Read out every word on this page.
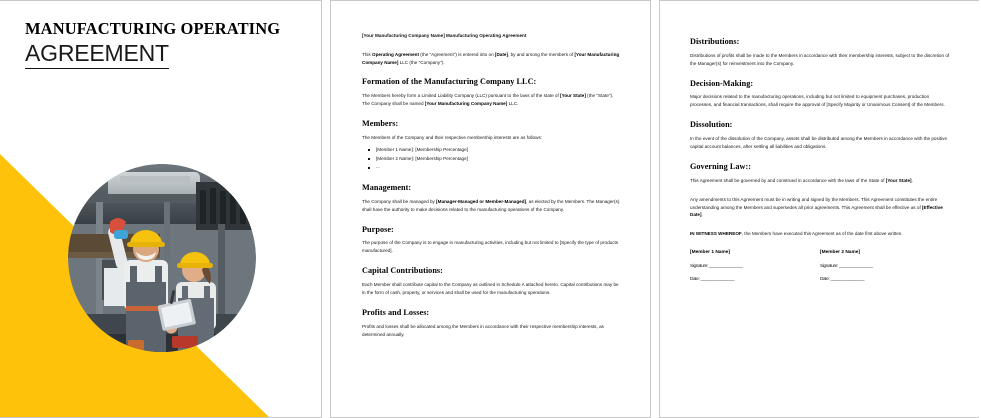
MANUFACTURING OPERATING
AGREEMENT
[Your Manufacturing Company Name] Manufacturing Operating Agreement

This Operating Agreement (the "Agreement") is entered into on [Date], by and among the members of [Your Manufacturing Company Name] LLC (the "Company").

Formation of the Manufacturing Company LLC:

The Members hereby form a Limited Liability Company (LLC) pursuant to the laws of the state of [Your State] (the "State"). The Company shall be named [Your Manufacturing Company Name] LLC.

Members:

The Members of the Company and their respective membership interests are as follows:

[Member 1 Name]: [Membership Percentage]
[Member 2 Name]: [Membership Percentage]
...
Management:

The Company shall be managed by [Manager-Managed or Member-Managed], as elected by the Members. The Manager(s) shall have the authority to make decisions related to the manufacturing operations of the Company.

Purpose:

The purpose of the Company is to engage in manufacturing activities, including but not limited to [Specify the type of products manufactured].

Capital Contributions:

Each Member shall contribute capital to the Company as outlined in Schedule A attached hereto. Capital contributions may be in the form of cash, property, or services and shall be used for the manufacturing operations.

Profits and Losses:

Profits and losses shall be allocated among the Members in accordance with their respective membership interests, as determined annually.

Distributions:

Distributions of profits shall be made to the Members in accordance with their membership interests, subject to the discretion of the Manager(s) for reinvestment into the Company.

Decision-Making:

Major decisions related to the manufacturing operations, including but not limited to equipment purchases, production processes, and financial transactions, shall require the approval of [Specify Majority or Unanimous Consent] of the Members.

Dissolution:

In the event of the dissolution of the Company, assets shall be distributed among the Members in accordance with the positive capital account balances, after settling all liabilities and obligations.

Governing Law::

This Agreement shall be governed by and construed in accordance with the laws of the State of [Your State].

Any amendments to this Agreement must be in writing and signed by the Members. This Agreement constitutes the entire understanding among the Members and supersedes all prior agreements. This Agreement shall be effective as of [Effective Date].

IN WITNESS WHEREOF, the Members have executed this Agreement as of the date first above written.

[Member 1 Name]
Signature: _______________
Date: _______________
[Member 2 Name]
Signature: _______________
Date: _______________
